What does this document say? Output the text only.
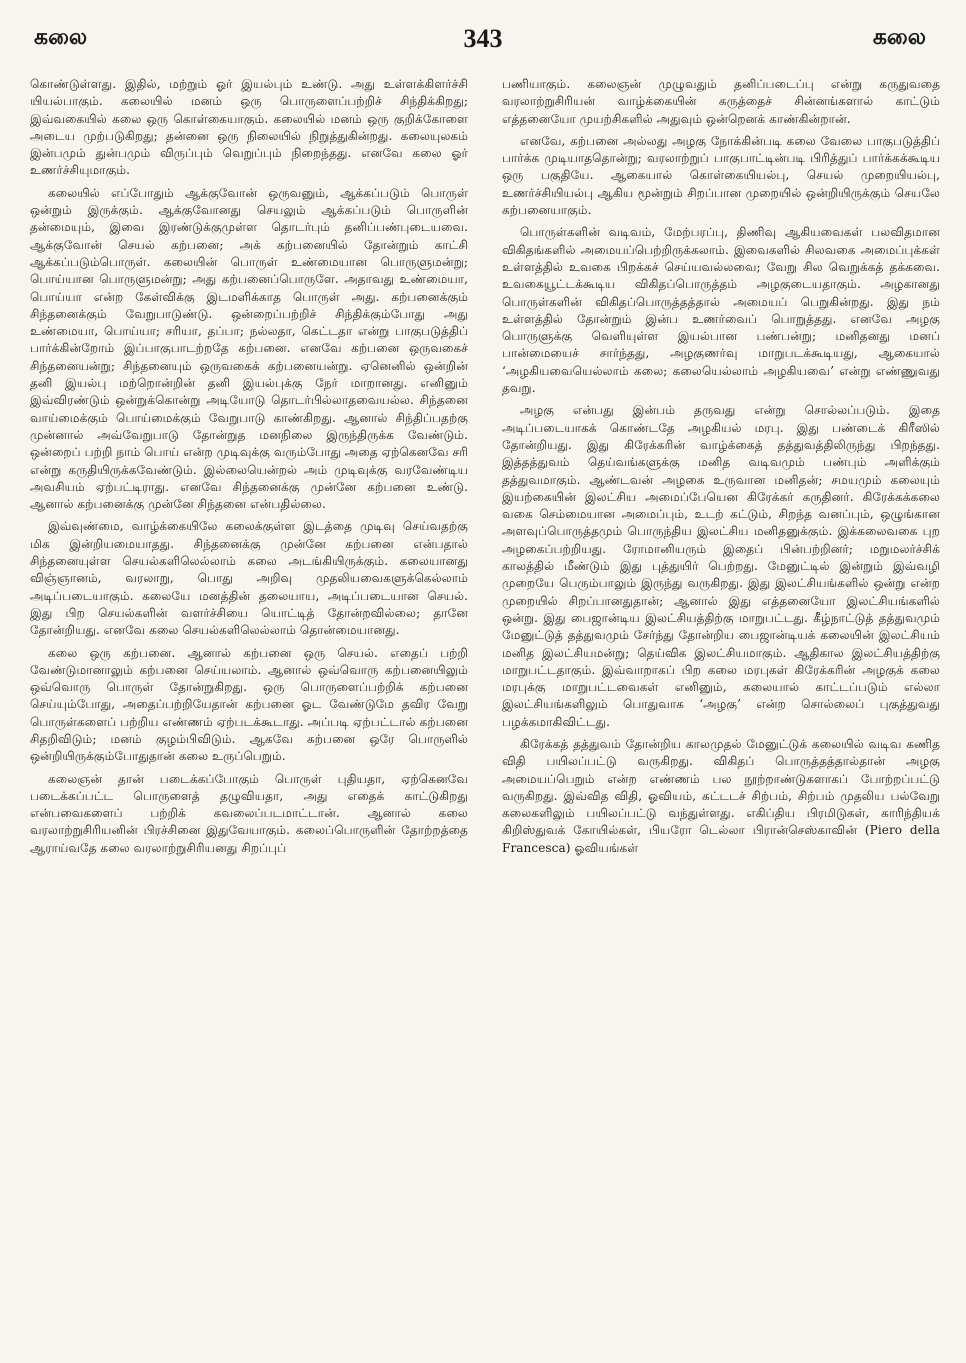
கலை	343	கலை

கொண்டுள்ளது. இதில், மற்றும் ஓர் இயல்பும் உண்டு. அது உள்ளக்கிளர்ச்சி யியல்பாகும். கலையில் மனம் ஒரு பொருளைப்பற்றிச் சிந்திக்கிறது; இவ்வகையில் கலை ஒரு கொள்கையாகும். கலையில் மனம் ஒரு குறிக்கோளை அடைய முற்படுகிறது; தன்னை ஒரு நிலையில் நிறுத்துகின்றது. கலையுலகம் இன்பமும் துன்பமும் விருப்பும் வெறுப்பும் நிறைந்தது. எனவே கலை ஓர் உணர்ச்சியுமாகும்.

கலையில் எப்போதும் ஆக்குவோன் ஒருவனும், ஆக்கப்படும் பொருள் ஒன்றும் இருக்கும். ஆக்குவோனது செயலும் ஆக்கப்படும் பொருளின் தன்மையும், இவை இரண்டுக்குமுள்ள தொடர்பும் தனிப்பண்புடையவை. ஆக்குவோன் செயல் கற்பனை; அக் கற்பனையில் தோன்றும் காட்சி ஆக்கப்படும்பொருள். கலையின் பொருள் உண்மையான பொருளுமன்று; பொய்யான பொருளுமன்று; அது கற்பனைப்பொருளே. அதாவது உண்மையா, பொய்யா என்ற கேள்விக்கு இடமளிக்காத பொருள் அது. கற்பனைக்கும் சிந்தனைக்கும் வேறுபாடுண்டு. ஒன்றைப்பற்றிச் சிந்திக்கும்போது அது உண்மையா, பொய்யா; சரியா, தப்பா; நல்லதா, கெட்டதா என்று பாகுபடுத்திப் பார்க்கின்றோம் இப்பாகுபாடற்றதே கற்பனை. எனவே கற்பனை ஒருவகைச் சிந்தனையன்று; சிந்தனையும் ஒருவகைக் கற்பனையன்று. ஏனெனில் ஒன்றின் தனி இயல்பு மற்றொன்றின் தனி இயல்புக்கு நேர் மாறானது. எனினும் இவ்விரண்டும் ஒன்றுக்கொன்று அடியோடு தொடர்பில்லாதவையல்ல. சிந்தனை வாய்மைக்கும் பொய்மைக்கும் வேறுபாடு காண்கிறது. ஆனால் சிந்திப்பதற்கு முன்னால் அவ்வேறுபாடு தோன்றுத மனநிலை இருந்திருக்க வேண்டும். ஒன்றைப் பற்றி நாம் பொய் என்ற முடிவுக்கு வரும்போது அதை ஏற்கெனவே சரி என்று கருதியிருக்கவேண்டும். இல்லையென்றல் அம் முடிவுக்கு வரவேண்டிய அவசியம் ஏற்பட்டிராது. எனவே சிந்தனைக்கு முன்னே கற்பனை உண்டு. ஆனால் கற்பனைக்கு முன்னே சிந்தனை என்பதில்லை.

இவ்வுண்மை, வாழ்க்கையிலே கலைக்குள்ள இடத்தை முடிவு செய்வதற்கு மிக இன்றியமையாதது. சிந்தனைக்கு முன்னே கற்பனை என்பதால் சிந்தனையுள்ள செயல்களிலெல்லாம் கலை அடங்கியிருக்கும். கலையானது விஞ்ஞானம், வரலாறு, பொது அறிவு முதலியவைகளுக்கெல்லாம் அடிப்படையாகும். கலையே மனத்தின் தலையாய, அடிப்படையான செயல். இது பிற செயல்களின் வளர்ச்சியை யொட்டித் தோன்றவில்லை; தானே தோன்றியது. எனவே கலை செயல்களிலெல்லாம் தொன்மையானது.

கலை ஒரு கற்பனை. ஆனால் கற்பனை ஒரு செயல். எதைப் பற்றி வேண்டுமானாலும் கற்பனை செய்யலாம். ஆனால் ஒவ்வொரு கற்பனையிலும் ஒவ்வொரு பொருள் தோன்றுகிறது. ஒரு பொருளைப்பற்றிக் கற்பனை செய்யும்போது, அதைப்பற்றியேதான் கற்பனை ஓட வேண்டுமே தவிர வேறு பொருள்களைப் பற்றிய எண்ணம் ஏற்படக்கூடாது. அப்படி ஏற்பட்டால் கற்பனை சிதறிவிடும்; மனம் குழம்பிவிடும். ஆகவே கற்பனை ஒரே பொருளில் ஒன்றியிருக்கும்போதுதான் கலை உருப்பெறும்.

கலைஞன் தான் படைக்கப்போகும் பொருள் புதியதா, ஏற்கெனவே படைக்கப்பட்ட பொருளைத் தழுவியதா, அது எதைக் காட்டுகிறது என்பவைகளைப் பற்றிக் கவலைப்படமாட்டான். ஆனால் கலை வரலாற்றுசிரியனின் பிரச்சினை இதுவேயாகும். கலைப்பொருளின் தோற்றத்தை ஆராய்வதே கலை வரலாற்றுசிரியனது சிறப்புப்

பணியாகும். கலைஞன் முழுவதும் தனிப்படைப்பு என்று கருதுவதை வரலாற்றுசிரியன் வாழ்க்கையின் கருத்தைச் சின்னங்களால் காட்டும் எத்தனையோ முயற்சிகளில் அதுவும் ஒன்றெனக் காண்கின்றான்.

எனவே, கற்பனை அல்லது அழகு நோக்கின்படி கலை வேலை பாகுபடுத்திப் பார்க்க முடியாததொன்று; வரலாற்றுப் பாகுபாட்டின்படி பிரித்துப் பார்க்கக்கூடிய ஒரு பகுதியே. ஆகையால் கொள்கையியல்பு, செயல் முறையியல்பு, உணர்ச்சியியல்பு ஆகிய மூன்றும் சிறப்பான முறையில் ஒன்றியிருக்கும் செயலே கற்பனையாகும்.

பொருள்களின் வடிவம், மேற்பரப்பு, திணிவு ஆகியவைகள் பலவிதமான விகிதங்களில் அமையப்பெற்றிருக்கலாம். இவைகளில் சிலவகை அமைப்புக்கள் உள்ளத்தில் உவகை பிறக்கச் செய்யவல்லவை; வேறு சில வெறுக்கத் தக்கவை. உவகையூட்டக்கூடிய விகிதப்பொருத்தம் அழகுடையதாகும். அழகானது பொருள்களின் விகிதப்பொருத்தத்தால் அமையப் பெறுகின்றது. இது நம் உள்ளத்தில் தோன்றும் இன்ப உணர்வைப் பொறுத்தது. எனவே அழகு பொருளுக்கு வெளியுள்ள இயல்பான பண்பன்று; மனிதனது மனப் பான்மையைச் சார்ந்தது, அழகுணர்வு மாறுபடக்கூடியது, ஆகையால் ‘அழகியவையெல்லாம் கலை; கலையெல்லாம் அழகியவை’ என்று எண்ணுவது தவறு.

அழகு என்பது இன்பம் தருவது என்று சொல்லப்படும். இதை அடிப்படையாகக் கொண்டதே அழகியல் மரபு. இது பண்டைக் கிரீஸில் தோன்றியது. இது கிரேக்கரின் வாழ்க்கைத் தத்துவத்திலிருந்து பிறந்தது. இத்தத்துவம் தெய்வங்களுக்கு மனித வடிவமும் பண்பும் அளிக்கும் தத்துவமாகும். ஆண்டவன் அழகை உருவான மனிதன்; சமயமும் கலையும் இயற்கையின் இலட்சிய அமைப்பேயென கிரேக்கர் கருதினர். கிரேக்கக்கலை வகை செம்மையான அமைப்பும், உடற் கட்டும், சிறந்த வனப்பும், ஒழுங்கான அளவுப்பொருத்தமும் பொருந்திய இலட்சிய மனிதனுக்கும். இக்கலைவகை புற அழகைப்பற்றியது. ரோமானியரும் இதைப் பின்பற்றினர்; மறுமலர்ச்சிக் காலத்தில் மீண்டும் இது புத்துயிர் பெற்றது. மேனுட்டில் இன்றும் இவ்வழி முறையே பெரும்பாலும் இருந்து வருகிறது. இது இலட்சியங்களில் ஒன்று என்ற முறையில் சிறப்பானதுதான்; ஆனால் இது எத்தனையோ இலட்சியங்களில் ஒன்று. இது பைஜான்டிய இலட்சியத்திற்கு மாறுபட்டது. கீழ்நாட்டுத் தத்துவமும் மேனுட்டுத் தத்துவமும் சேர்ந்து தோன்றிய பைஜான்டியக் கலையின் இலட்சியம் மனித இலட்சியமன்று; தெய்விக இலட்சியமாகும். ஆதிகால இலட்சியத்திற்கு மாறுபட்டதாகும். இவ்வாறாகப் பிற கலை மரபுகள் கிரேக்கரின் அழகுக் கலை மரபுக்கு மாறுபட்டவைகள் எனினும், கலையால் காட்டப்படும் எல்லா இலட்சியங்களிலும் பொதுவாக ‘அழகு’ என்ற சொல்லைப் புகுத்துவது பழக்கமாகிவிட்டது.

கிரேக்கத் தத்துவம் தோன்றிய காலமுதல் மேனுட்டுக் கலையில் வடிவ கணித விதி பயிலப்பட்டு வருகிறது. விகிதப் பொருத்தத்தால்தான் அழகு அமையப்பெறும் என்ற எண்ணம் பல நூற்றாண்டுகளாகப் போற்றப்பட்டு வருகிறது. இவ்வித விதி, ஓவியம், கட்டடச் சிற்பம், சிற்பம் முதலிய பல்வேறு கலைகளிலும் பயிலப்பட்டு வந்துள்ளது. எகிப்திய பிரமிடுகள், காரிந்தியக் கிறிஸ்துவக் கோயில்கள், பியரோ டெல்லா பிரான்செஸ்காவின் (Piero della Francesca) ஓவியங்கள்
